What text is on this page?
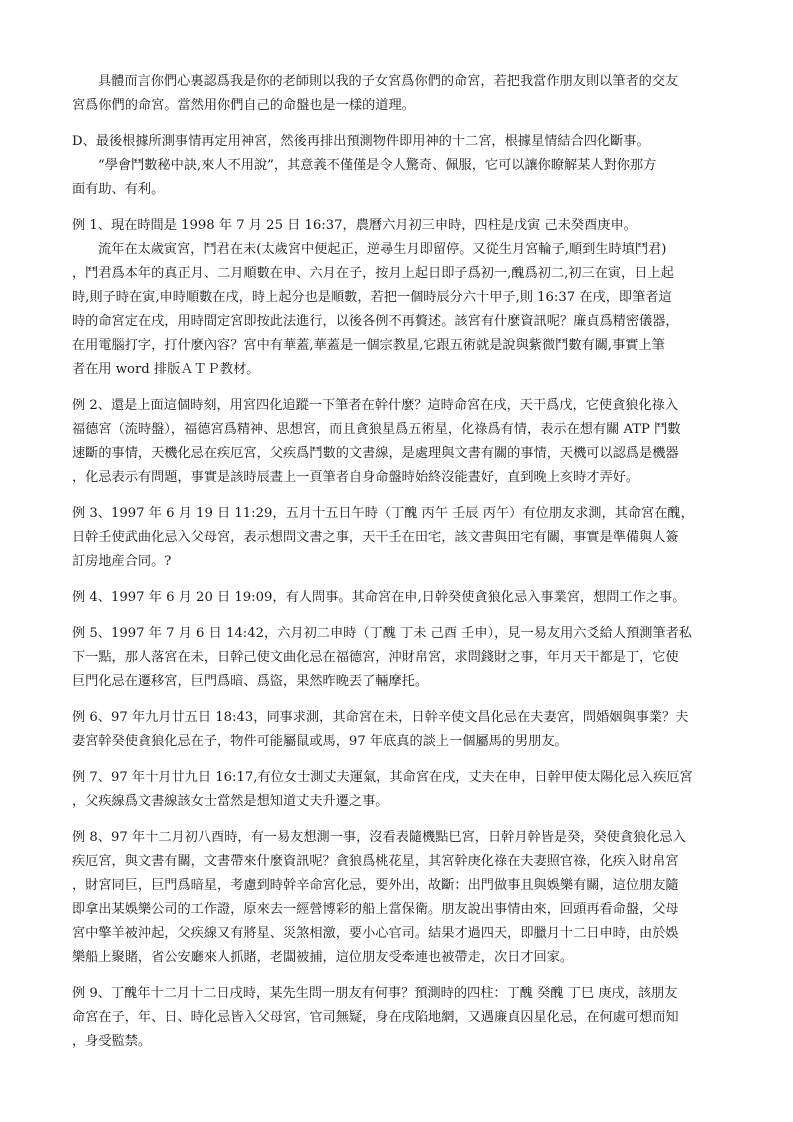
具體而言你們心裏認爲我是你的老師則以我的子女宮爲你們的命宮，若把我當作朋友則以筆者的交友
宮爲你們的命宮。當然用你們自己的命盤也是一樣的道理。
D、最後根據所測事情再定用神宮，然後再排出預測物件即用神的十二宮，根據星情結合四化斷事。
“學會鬥數秘中訣,來人不用說”，其意義不僅僅是令人驚奇、佩服，它可以讓你瞭解某人對你那方
面有助、有利。
例 1、現在時間是 1998 年 7 月 25 日 16:37，農曆六月初三申時，四柱是戊寅 己未癸酉庚申。
流年在太歲寅宮，鬥君在未(太歲宮中便起正，逆尋生月即留停。又從生月宮輪子,順到生時填鬥君)
，鬥君爲本年的真正月、二月順數在申、六月在子，按月上起日即子爲初一,醜爲初二,初三在寅，日上起
時,則子時在寅,申時順數在戌，時上起分也是順數，若把一個時辰分六十甲子,則 16:37 在戌，即筆者這
時的命宮定在戌，用時間定宮即按此法進行，以後各例不再贅述。該宮有什麼資訊呢？廉貞爲精密儀器，
在用電腦打字，打什麼內容？宮中有華蓋,華蓋是一個宗教星,它跟五術就是說與紫微鬥數有關,事實上筆
者在用 word 排版ＡＴＰ教材。
例 2、還是上面這個時刻，用宮四化追蹤一下筆者在幹什麼？這時命宮在戌，天干爲戊，它使貪狼化祿入
福德宮（流時盤），福德宮爲精神、思想宮，而且貪狼星爲五術星，化祿爲有情，表示在想有關 ATP 鬥數
速斷的事情，天機化忌在疾厄宮，父疾爲鬥數的文書線，是處理與文書有關的事情，天機可以認爲是機器
，化忌表示有問題，事實是該時辰晝上一頁筆者自身命盤時始終沒能晝好，直到晚上亥時才弄好。
例 3、1997 年 6 月 19 日 11:29，五月十五日午時（丁醜 丙午 壬辰 丙午）有位朋友求測，其命宮在醜，
日幹壬使武曲化忌入父母宮，表示想問文書之事，天干壬在田宅，該文書與田宅有關，事實是準備與人簽
訂房地産合同。?
例 4、1997 年 6 月 20 日 19:09，有人問事。其命宮在申,日幹癸使貪狼化忌入事業宮，想問工作之事。
例 5、1997 年 7 月 6 日 14:42，六月初二申時（丁醜 丁未 己酉 壬申），見一易友用六爻給人預測筆者私
下一點，那人落宮在未，日幹己使文曲化忌在福德宮，沖財帛宮，求問錢財之事，年月天干都是丁，它使
巨門化忌在遷移宮，巨門爲暗、爲盜，果然昨晚丟了輛摩托。
例 6、97 年九月廿五日 18:43，同事求測，其命宮在未，日幹辛使文昌化忌在夫妻宮，問婚姻與事業？夫
妻宮幹癸使貪狼化忌在子，物件可能屬鼠或馬，97 年底真的談上一個屬馬的男朋友。
例 7、97 年十月廿九日 16:17,有位女士測丈夫運氣，其命宮在戌，丈夫在申，日幹甲使太陽化忌入疾厄宮
，父疾線爲文書線該女士當然是想知道丈夫升遷之事。
例 8、97 年十二月初八酉時，有一易友想測一事，沒看表隨機點巳宮，日幹月幹皆是癸，癸使貪狼化忌入
疾厄宮，與文書有關，文書帶來什麼資訊呢？貪狼爲桃花星，其宮幹庚化祿在夫妻照官祿，化疾入財帛宮
，財宮同巨，巨門爲暗星，考慮到時幹辛命宮化忌，要外出，故斷：出門做事且與娛樂有關，這位朋友隨
即拿出某娛樂公司的工作證，原來去一經營博彩的船上當保衛。朋友說出事情由來，回頭再看命盤，父母
宮中擎羊被沖起，父疾線又有將星、災煞相激，要小心官司。結果才過四天，即臘月十二日申時，由於娛
樂船上聚賭，省公安廳來人抓賭，老闆被捕，這位朋友受牽連也被帶走，次日才回家。
例 9、丁醜年十二月十二日戌時，某先生問一朋友有何事？預測時的四柱：丁醜 癸醜 丁巳 庚戌，該朋友
命宮在子，年、日、時化忌皆入父母宮，官司無疑，身在戌陷地網，又遇廉貞囚星化忌，在何處可想而知
，身受監禁。
